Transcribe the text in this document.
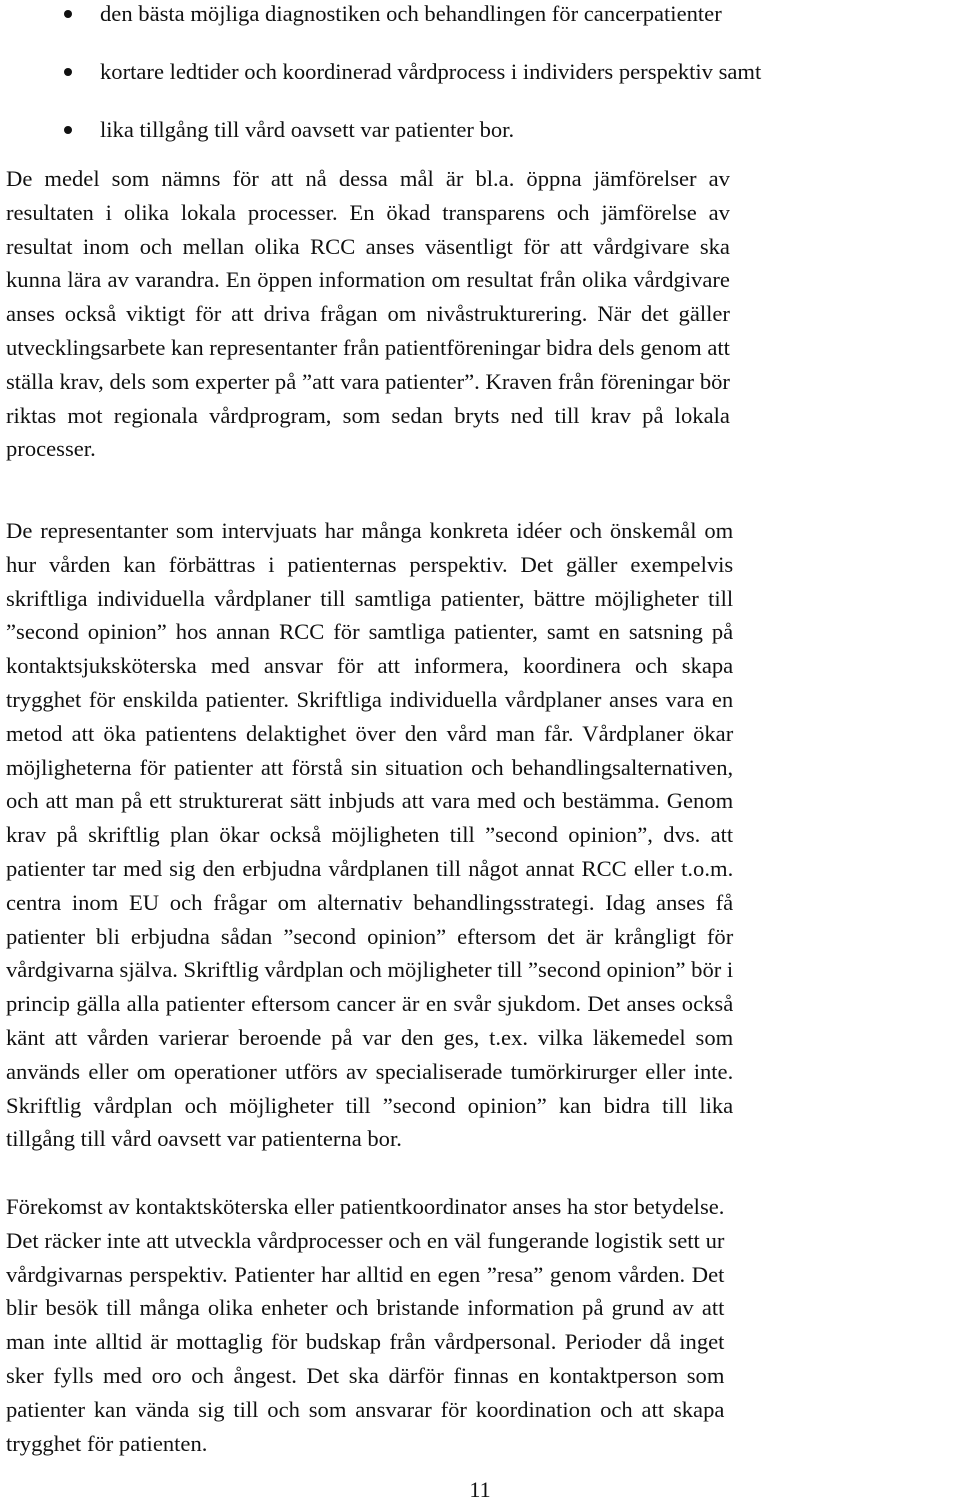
den bästa möjliga diagnostiken och behandlingen för cancerpatienter
kortare ledtider och koordinerad vårdprocess i individers perspektiv samt
lika tillgång till vård oavsett var patienter bor.

De medel som nämns för att nå dessa mål är bl.a. öppna jämförelser av
resultaten i olika lokala processer. En ökad transparens och jämförelse av
resultat inom och mellan olika RCC anses väsentligt för att vårdgivare ska
kunna lära av varandra. En öppen information om resultat från olika vårdgivare
anses också viktigt för att driva frågan om nivåstrukturering. När det gäller
utvecklingsarbete kan representanter från patientföreningar bidra dels genom att
ställa krav, dels som experter på ”att vara patienter”. Kraven från föreningar bör
riktas mot regionala vårdprogram, som sedan bryts ned till krav på lokala
processer.

De representanter som intervjuats har många konkreta idéer och önskemål om
hur vården kan förbättras i patienternas perspektiv. Det gäller exempelvis
skriftliga individuella vårdplaner till samtliga patienter, bättre möjligheter till
”second opinion” hos annan RCC för samtliga patienter, samt en satsning på
kontaktsjuksköterska med ansvar för att informera, koordinera och skapa
trygghet för enskilda patienter. Skriftliga individuella vårdplaner anses vara en
metod att öka patientens delaktighet över den vård man får. Vårdplaner ökar
möjligheterna för patienter att förstå sin situation och behandlingsalternativen,
och att man på ett strukturerat sätt inbjuds att vara med och bestämma. Genom
krav på skriftlig plan ökar också möjligheten till ”second opinion”, dvs. att
patienter tar med sig den erbjudna vårdplanen till något annat RCC eller t.o.m.
centra inom EU och frågar om alternativ behandlingsstrategi. Idag anses få
patienter bli erbjudna sådan ”second opinion” eftersom det är krångligt för
vårdgivarna själva. Skriftlig vårdplan och möjligheter till ”second opinion” bör i
princip gälla alla patienter eftersom cancer är en svår sjukdom. Det anses också
känt att vården varierar beroende på var den ges, t.ex. vilka läkemedel som
används eller om operationer utförs av specialiserade tumörkirurger eller inte.
Skriftlig vårdplan och möjligheter till ”second opinion” kan bidra till lika
tillgång till vård oavsett var patienterna bor.

Förekomst av kontaktsköterska eller patientkoordinator anses ha stor betydelse.
Det räcker inte att utveckla vårdprocesser och en väl fungerande logistik sett ur
vårdgivarnas perspektiv. Patienter har alltid en egen ”resa” genom vården. Det
blir besök till många olika enheter och bristande information på grund av att
man inte alltid är mottaglig för budskap från vårdpersonal. Perioder då inget
sker fylls med oro och ångest. Det ska därför finnas en kontaktperson som
patienter kan vända sig till och som ansvarar för koordination och att skapa
trygghet för patienten.

11
